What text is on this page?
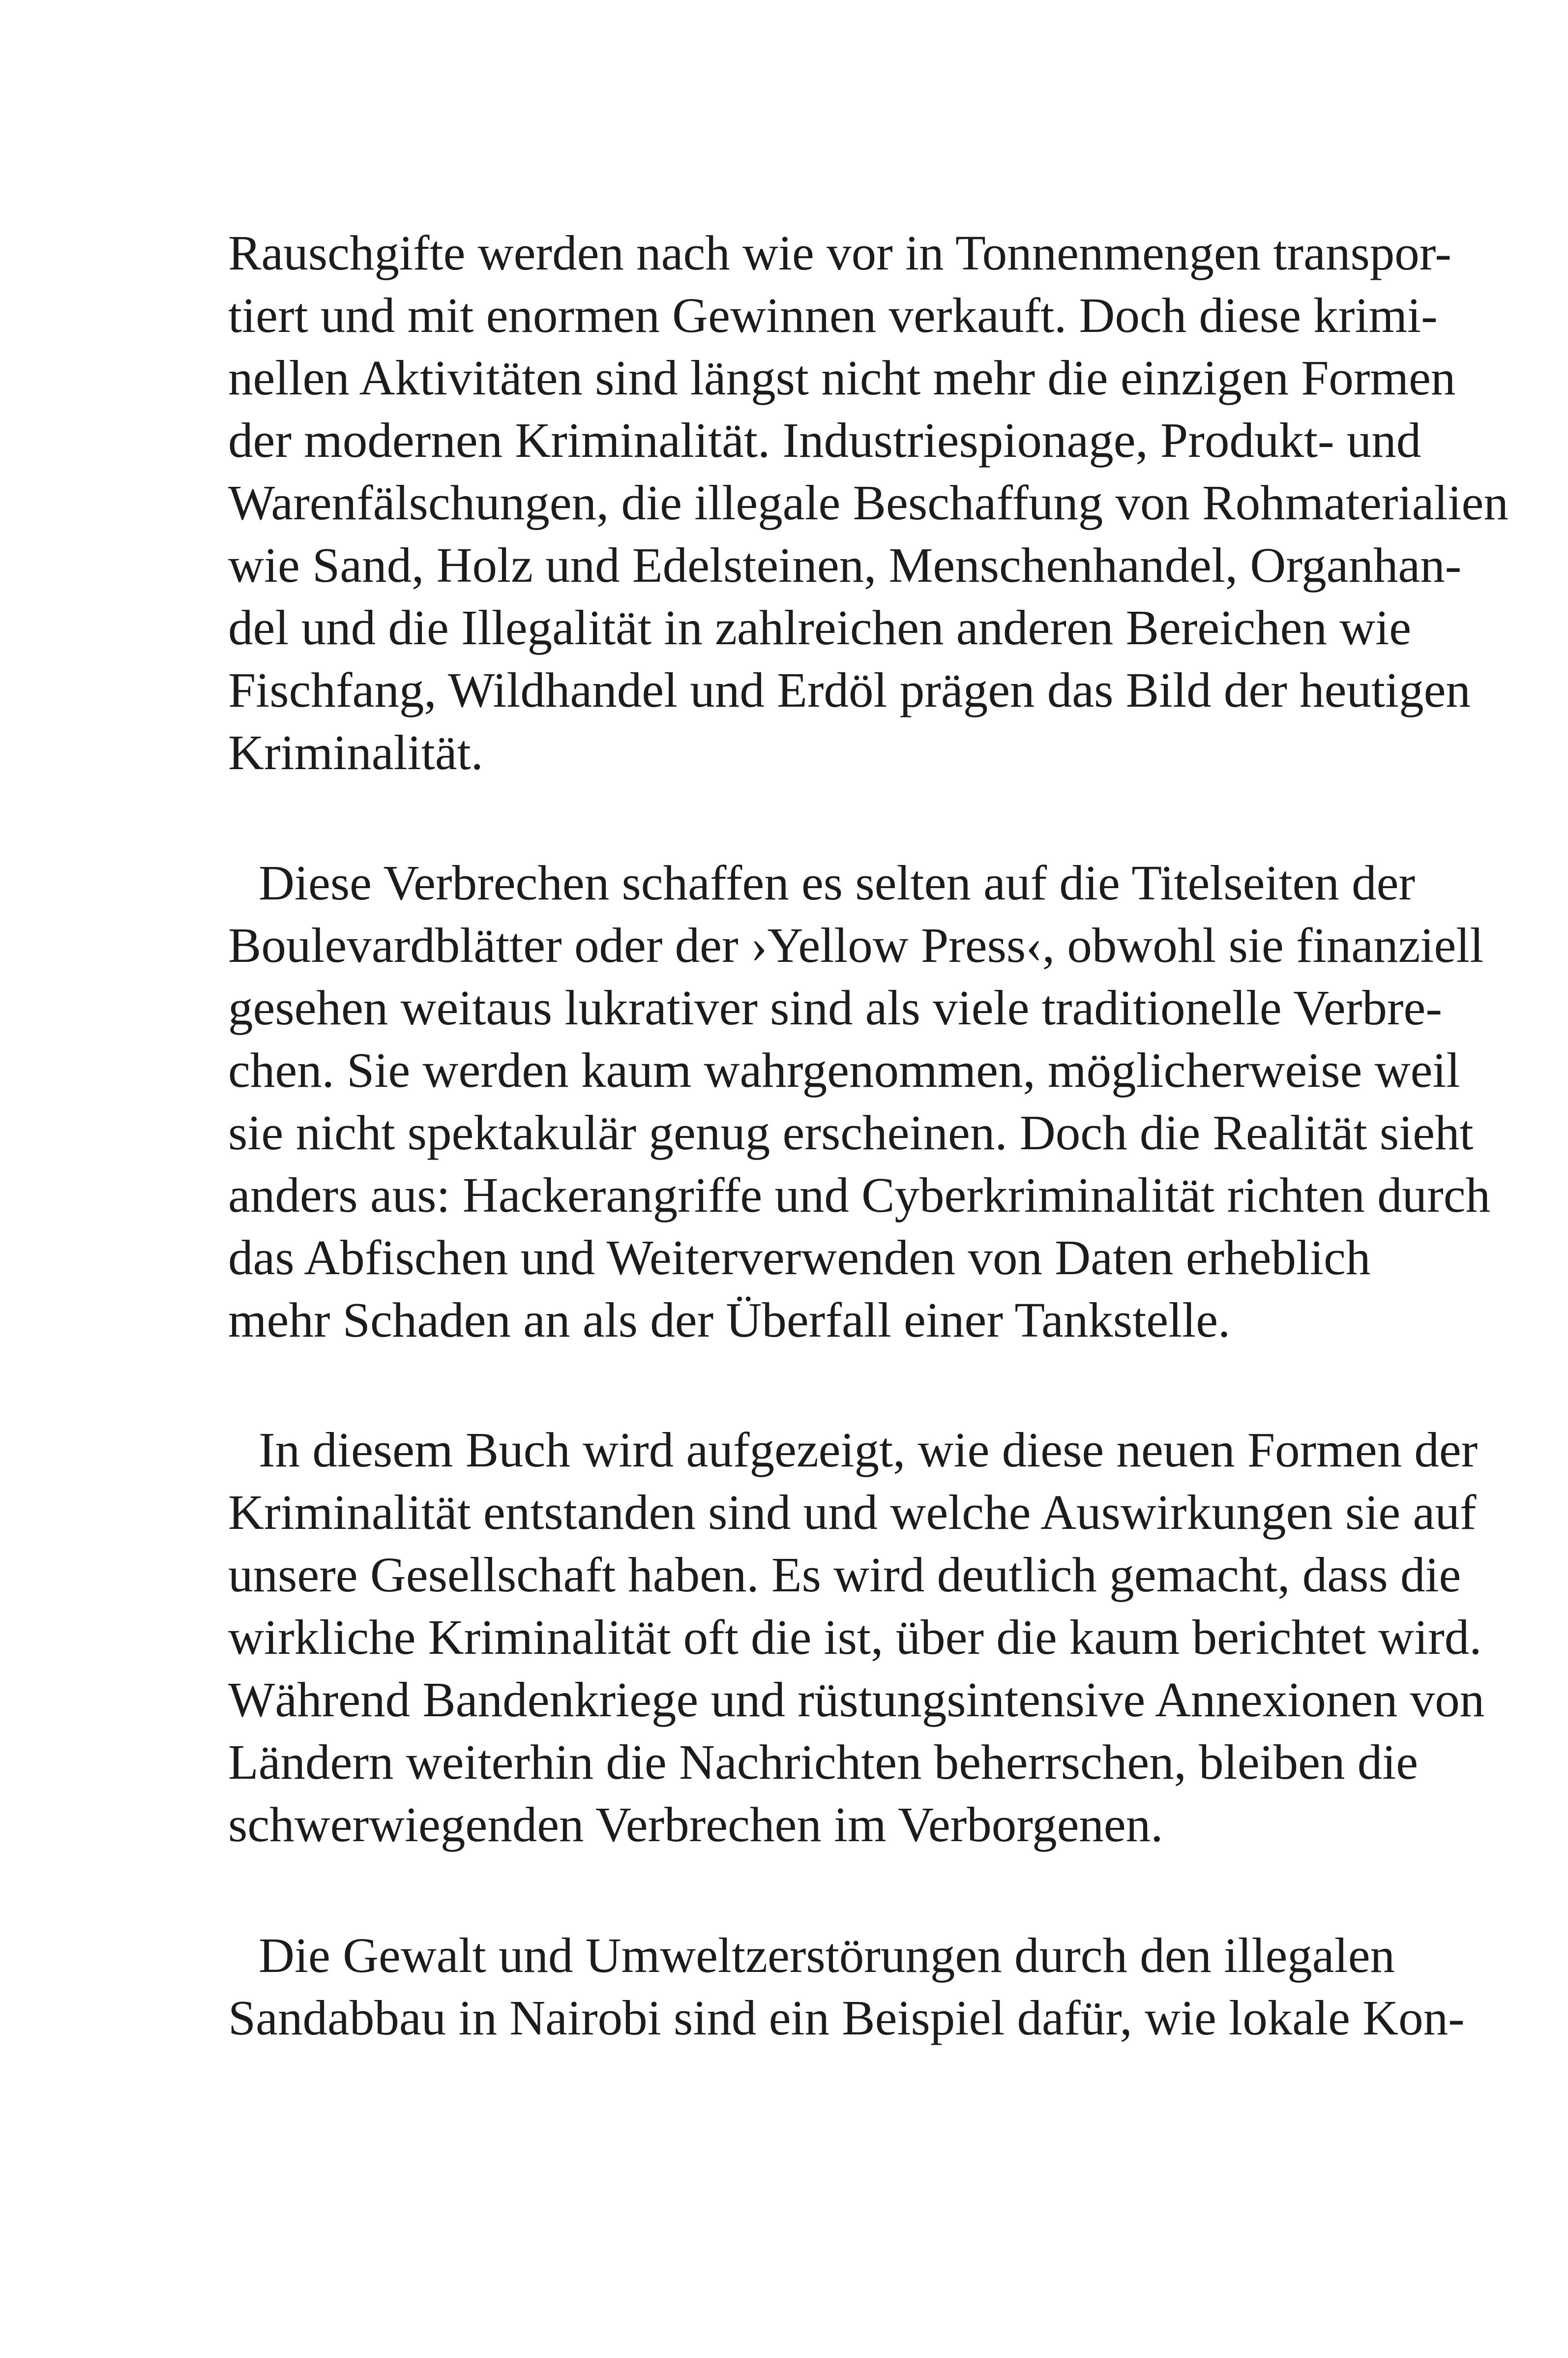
Rauschgifte werden nach wie vor in Tonnenmengen transpor-
tiert und mit enormen Gewinnen verkauft. Doch diese krimi-
nellen Aktivitäten sind längst nicht mehr die einzigen Formen
der modernen Kriminalität. Industriespionage, Produkt- und
Warenfälschungen, die illegale Beschaffung von Rohmaterialien
wie Sand, Holz und Edelsteinen, Menschenhandel, Organhan-
del und die Illegalität in zahlreichen anderen Bereichen wie
Fischfang, Wildhandel und Erdöl prägen das Bild der heutigen
Kriminalität.
Diese Verbrechen schaffen es selten auf die Titelseiten der
Boulevardblätter oder der ›Yellow Press‹, obwohl sie finanziell
gesehen weitaus lukrativer sind als viele traditionelle Verbre-
chen. Sie werden kaum wahrgenommen, möglicherweise weil
sie nicht spektakulär genug erscheinen. Doch die Realität sieht
anders aus: Hackerangriffe und Cyberkriminalität richten durch
das Abfischen und Weiterverwenden von Daten erheblich
mehr Schaden an als der Überfall einer Tankstelle.
In diesem Buch wird aufgezeigt, wie diese neuen Formen der
Kriminalität entstanden sind und welche Auswirkungen sie auf
unsere Gesellschaft haben. Es wird deutlich gemacht, dass die
wirkliche Kriminalität oft die ist, über die kaum berichtet wird.
Während Bandenkriege und rüstungsintensive Annexionen von
Ländern weiterhin die Nachrichten beherrschen, bleiben die
schwerwiegenden Verbrechen im Verborgenen.
Die Gewalt und Umweltzerstörungen durch den illegalen
Sandabbau in Nairobi sind ein Beispiel dafür, wie lokale Kon-
